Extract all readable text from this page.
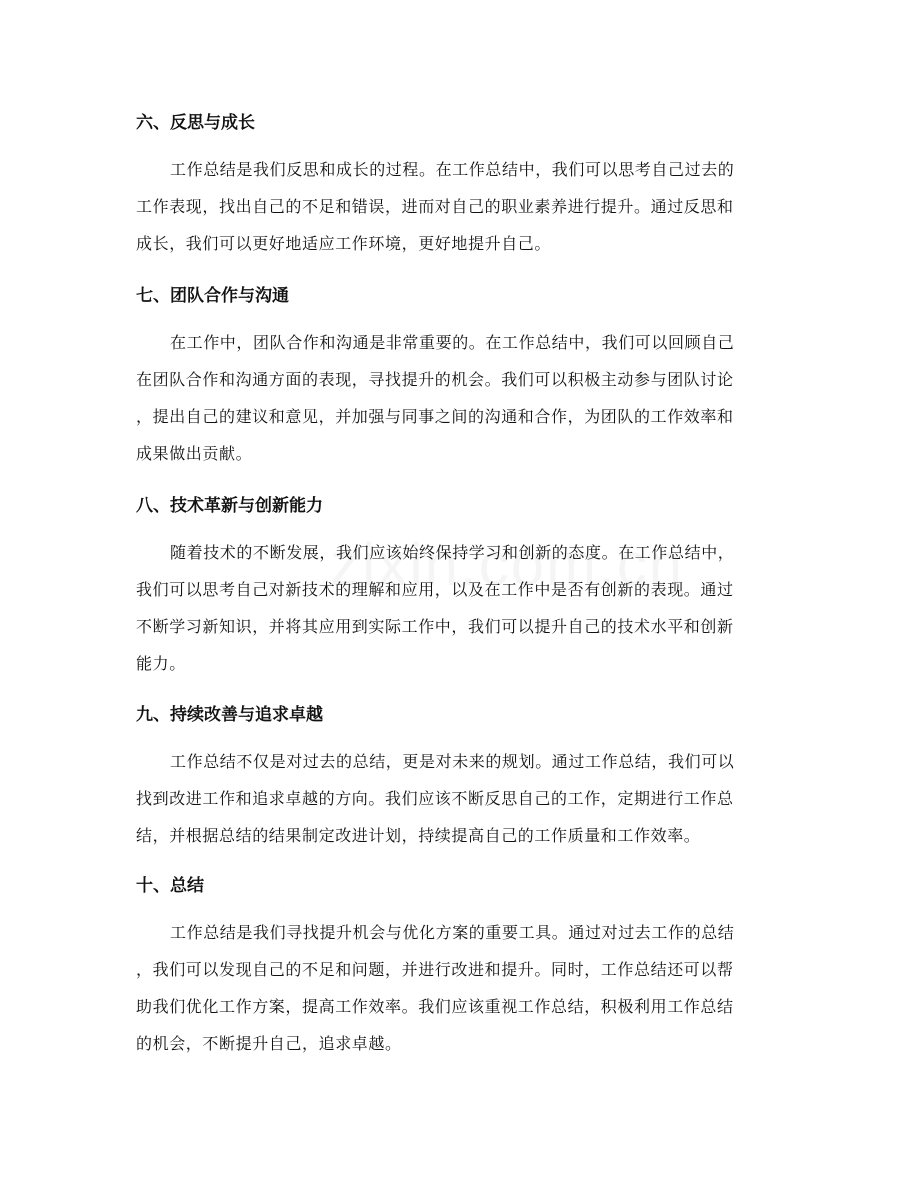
六、反思与成长

工作总结是我们反思和成长的过程。在工作总结中，我们可以思考自己过去的
工作表现，找出自己的不足和错误，进而对自己的职业素养进行提升。通过反思和
成长，我们可以更好地适应工作环境，更好地提升自己。

七、团队合作与沟通

在工作中，团队合作和沟通是非常重要的。在工作总结中，我们可以回顾自己
在团队合作和沟通方面的表现，寻找提升的机会。我们可以积极主动参与团队讨论
，提出自己的建议和意见，并加强与同事之间的沟通和合作，为团队的工作效率和
成果做出贡献。

八、技术革新与创新能力

随着技术的不断发展，我们应该始终保持学习和创新的态度。在工作总结中，
我们可以思考自己对新技术的理解和应用，以及在工作中是否有创新的表现。通过
不断学习新知识，并将其应用到实际工作中，我们可以提升自己的技术水平和创新
能力。

九、持续改善与追求卓越

工作总结不仅是对过去的总结，更是对未来的规划。通过工作总结，我们可以
找到改进工作和追求卓越的方向。我们应该不断反思自己的工作，定期进行工作总
结，并根据总结的结果制定改进计划，持续提高自己的工作质量和工作效率。

十、总结

工作总结是我们寻找提升机会与优化方案的重要工具。通过对过去工作的总结
，我们可以发现自己的不足和问题，并进行改进和提升。同时，工作总结还可以帮
助我们优化工作方案，提高工作效率。我们应该重视工作总结，积极利用工作总结
的机会，不断提升自己，追求卓越。
